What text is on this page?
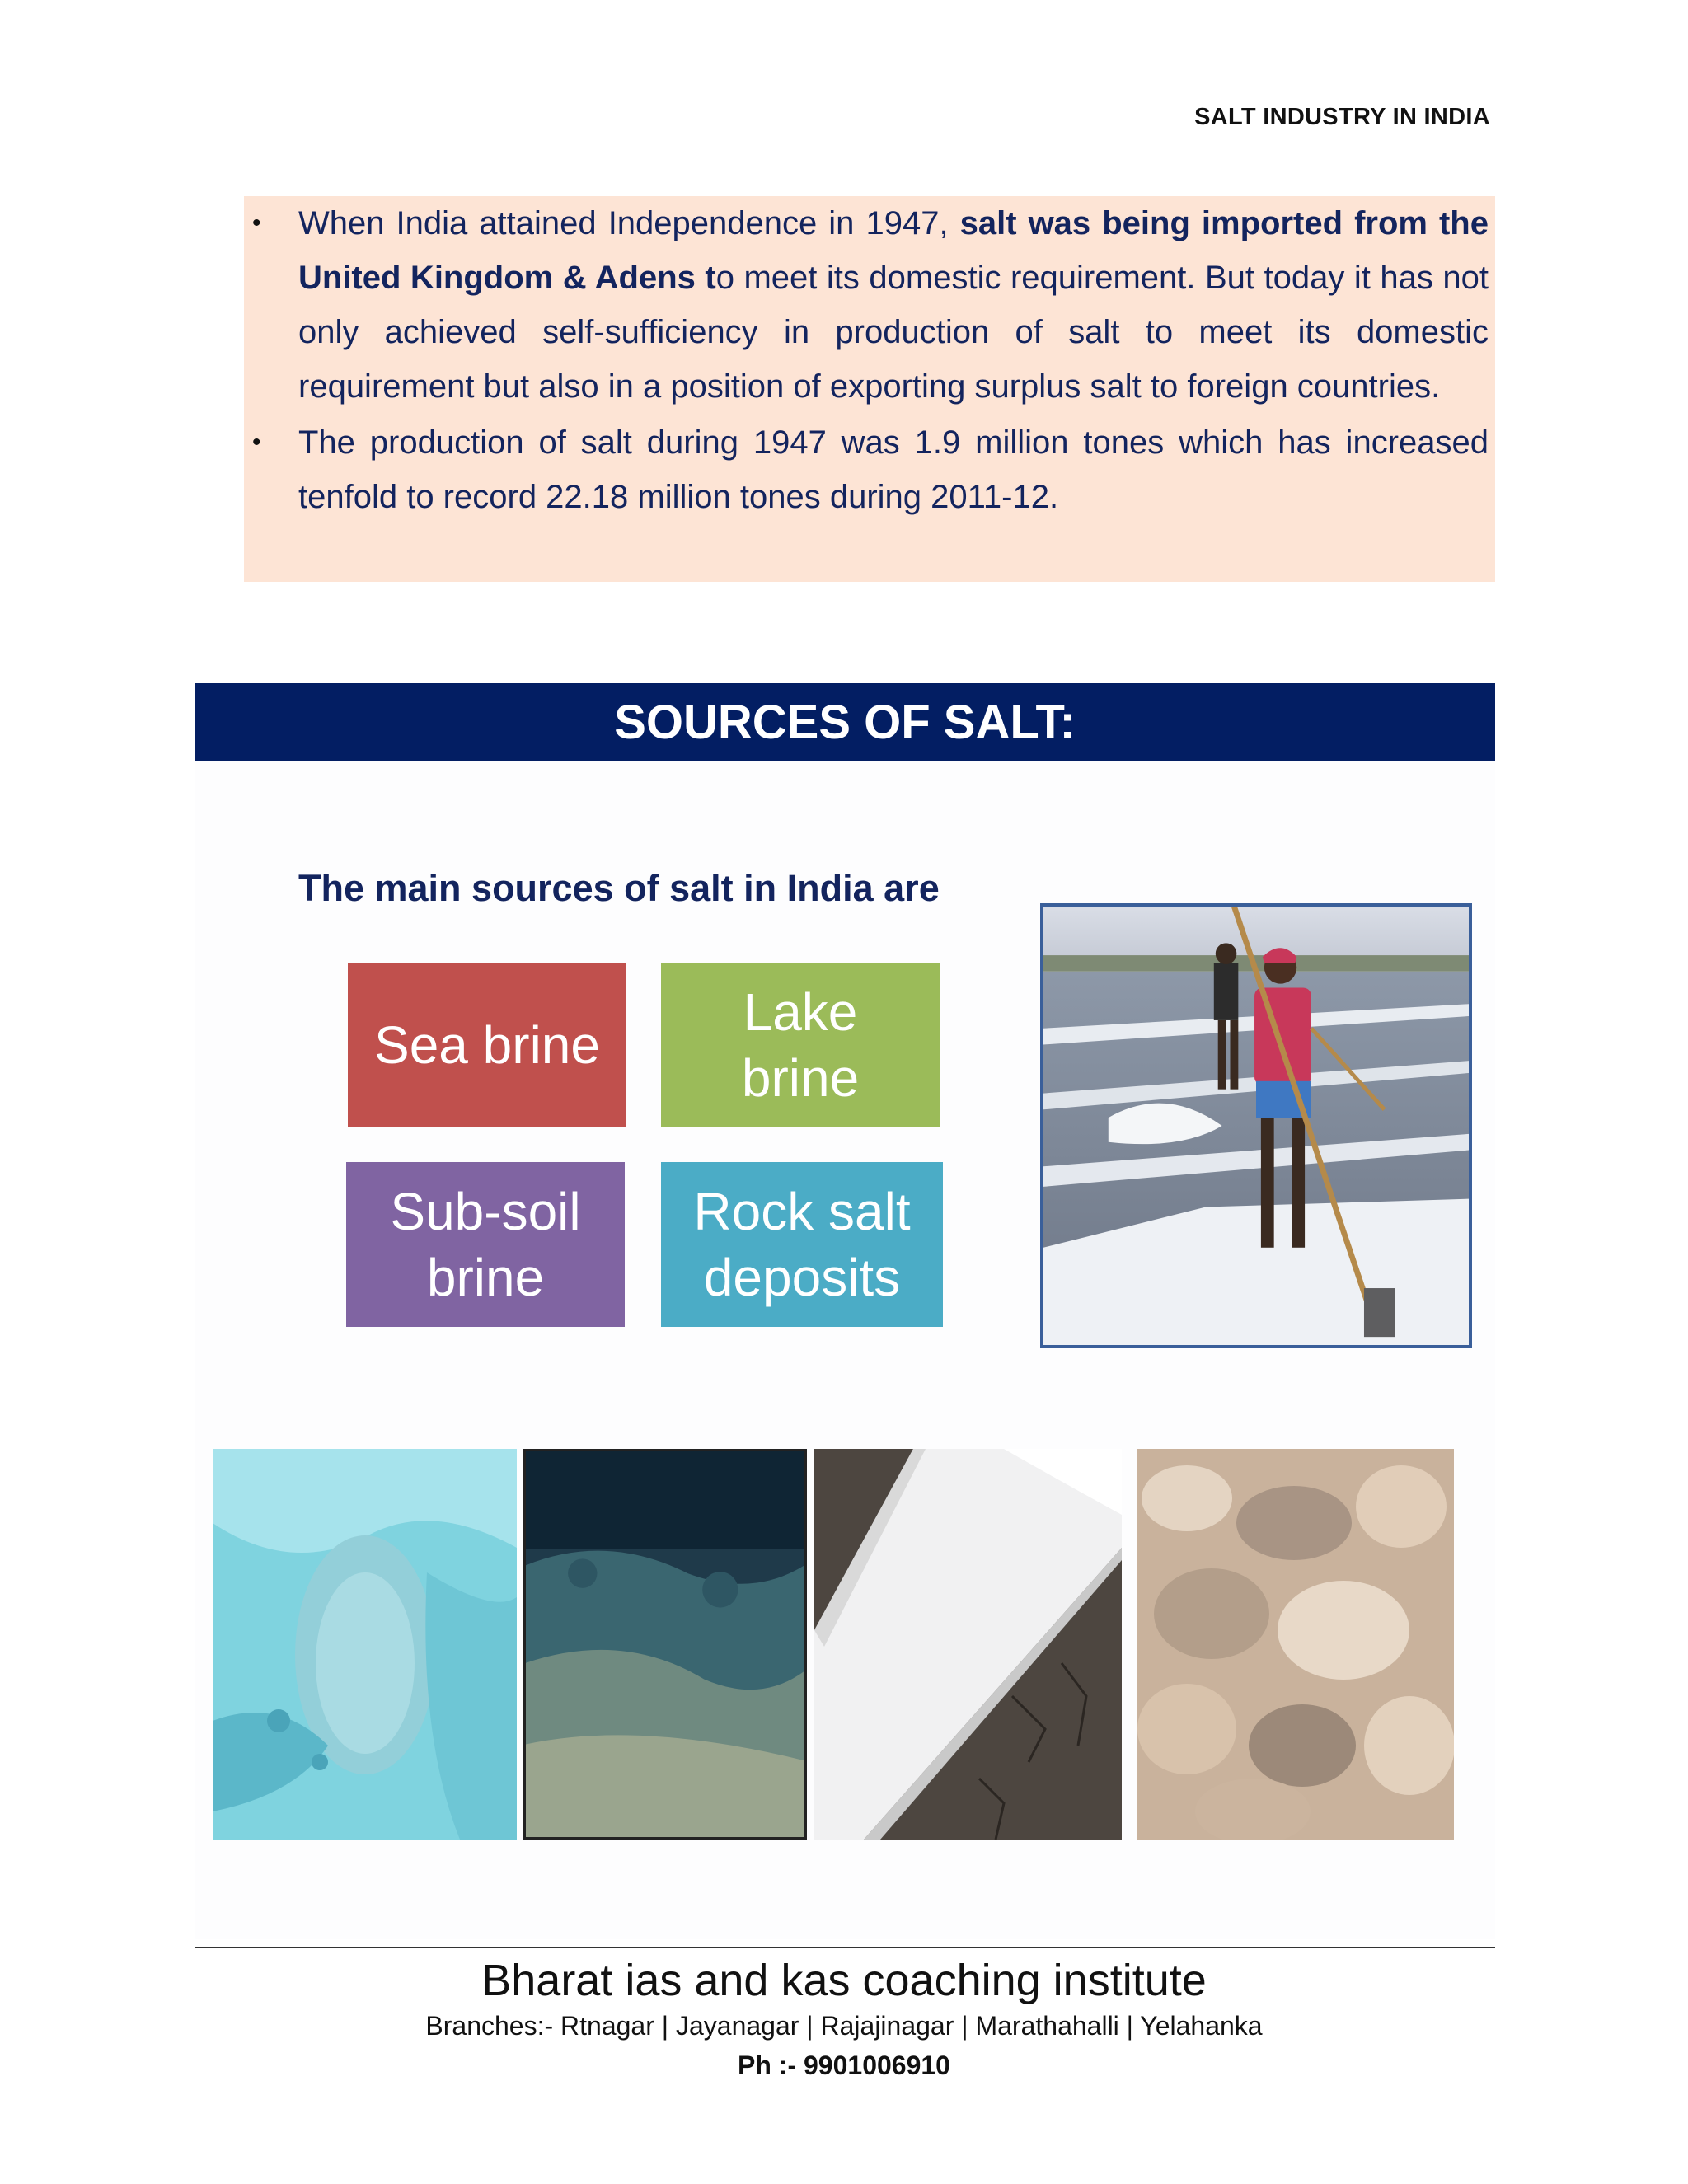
SALT INDUSTRY IN INDIA
• When India attained Independence in 1947, salt was being imported from the United Kingdom & Adens to meet its domestic requirement. But today it has not only achieved self-sufficiency in production of salt to meet its domestic requirement but also in a position of exporting surplus salt to foreign countries.
• The production of salt during 1947 was 1.9 million tones which has increased tenfold to record 22.18 million tones during 2011-12.
SOURCES OF SALT:
The main sources of salt in India are
Sea brine
Lake
brine
Sub-soil
brine
Rock salt
deposits
Bharat ias and kas coaching institute
Branches:- Rtnagar | Jayanagar | Rajajinagar | Marathahalli | Yelahanka
Ph :- 9901006910
